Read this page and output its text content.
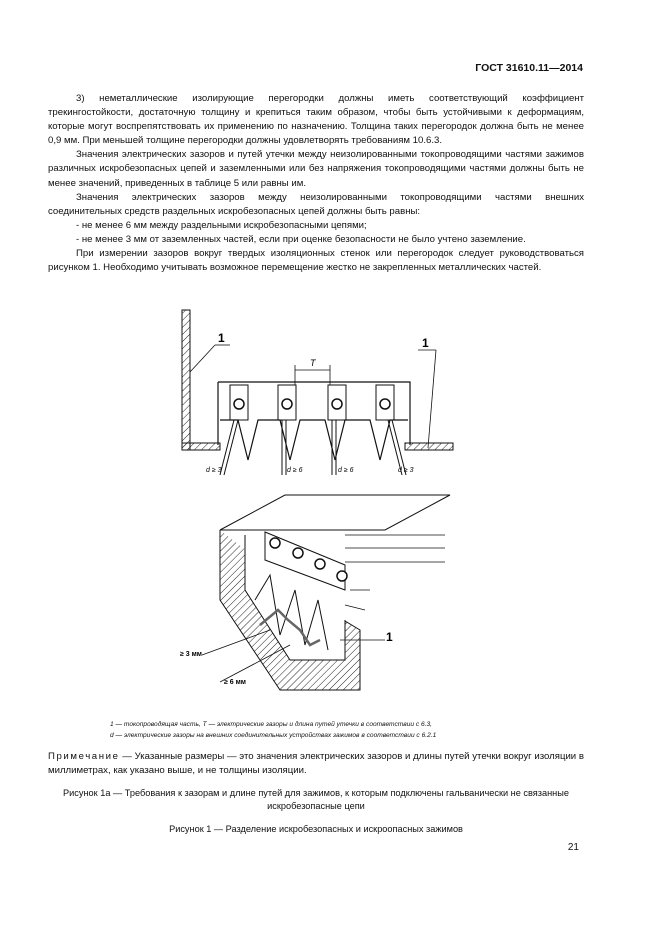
ГОСТ 31610.11—2014

3) неметаллические изолирующие перегородки должны иметь соответствующий коэффициент трекингостойкости, достаточную толщину и крепиться таким образом, чтобы быть устойчивыми к деформациям, которые могут воспрепятствовать их применению по назначению. Толщина таких перегородок должна быть не менее 0,9 мм. При меньшей толщине перегородки должны удовлетворять требованиям 10.6.3.

Значения электрических зазоров и путей утечки между неизолированными токопроводящими частями зажимов различных искробезопасных цепей и заземленными или без напряжения токопроводящими частями должны быть не менее значений, приведенных в таблице 5 или равны им.

Значения электрических зазоров между неизолированными токопроводящими частями внешних соединительных средств раздельных искробезопасных цепей должны быть равны:

- не менее 6 мм между раздельными искробезопасными цепями;

- не менее 3 мм от заземленных частей, если при оценке безопасности не было учтено заземление.

При измерении зазоров вокруг твердых изоляционных стенок или перегородок следует руководствоваться рисунком 1. Необходимо учитывать возможное перемещение жестко не закрепленных металлических частей.

T
1	1
d ≥ 3	d ≥ 6	d ≥ 6	d ≥ 3
1
≥ 3 мм
≥ 6 мм
1 — токопроводящая часть, T — электрические зазоры и длина путей утечки в соответствии с 6.3,
d — электрические зазоры на внешних соединительных устройствах зажимов в соответствии с 6.2.1
Примечание — Указанные размеры — это значения электрических зазоров и длины путей утечки вокруг изоляции в миллиметрах, как указано выше, и не толщины изоляции.
Рисунок 1а — Требования к зазорам и длине путей для зажимов, к которым подключены гальванически не связанные искробезопасные цепи
Рисунок 1 — Разделение искробезопасных и искроопасных зажимов
21
